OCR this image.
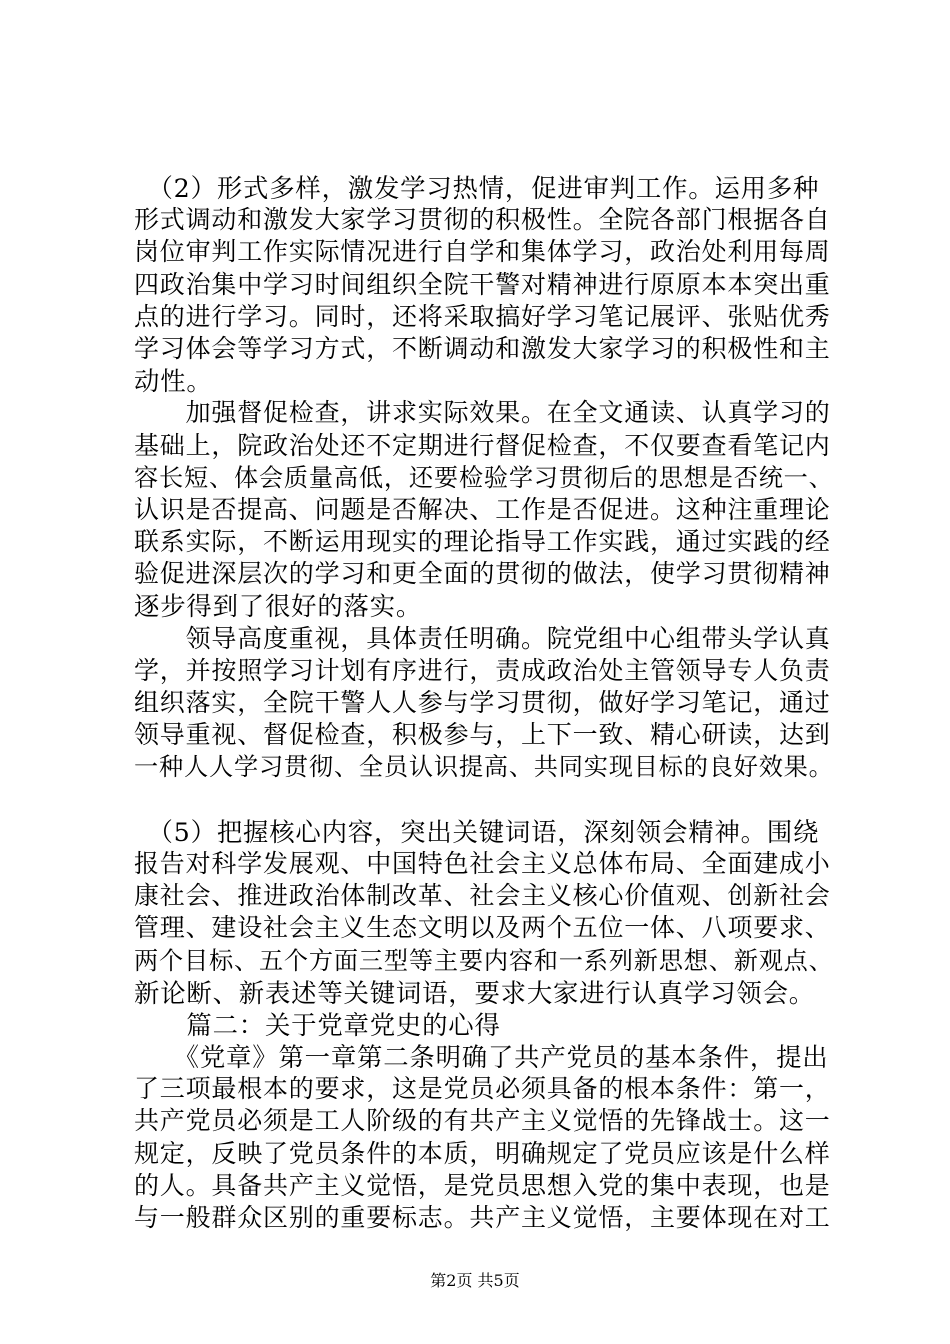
　（2）形式多样，激发学习热情，促进审判工作。运用多种
形式调动和激发大家学习贯彻的积极性。全院各部门根据各自
岗位审判工作实际情况进行自学和集体学习，政治处利用每周
四政治集中学习时间组织全院干警对精神进行原原本本突出重
点的进行学习。同时，还将采取搞好学习笔记展评、张贴优秀
学习体会等学习方式，不断调动和激发大家学习的积极性和主
动性。
　　加强督促检查，讲求实际效果。在全文通读、认真学习的
基础上，院政治处还不定期进行督促检查，不仅要查看笔记内
容长短、体会质量高低，还要检验学习贯彻后的思想是否统一、
认识是否提高、问题是否解决、工作是否促进。这种注重理论
联系实际，不断运用现实的理论指导工作实践，通过实践的经
验促进深层次的学习和更全面的贯彻的做法，使学习贯彻精神
逐步得到了很好的落实。
　　领导高度重视，具体责任明确。院党组中心组带头学认真
学，并按照学习计划有序进行，责成政治处主管领导专人负责
组织落实，全院干警人人参与学习贯彻，做好学习笔记，通过
领导重视、督促检查，积极参与，上下一致、精心研读，达到
一种人人学习贯彻、全员认识提高、共同实现目标的良好效果。
　（5）把握核心内容，突出关键词语，深刻领会精神。围绕
报告对科学发展观、中国特色社会主义总体布局、全面建成小
康社会、推进政治体制改革、社会主义核心价值观、创新社会
管理、建设社会主义生态文明以及两个五位一体、八项要求、
两个目标、五个方面三型等主要内容和一系列新思想、新观点、
新论断、新表述等关键词语，要求大家进行认真学习领会。
　　篇二：关于党章党史的心得
　　《党章》第一章第二条明确了共产党员的基本条件，提出
了三项最根本的要求，这是党员必须具备的根本条件：第一，
共产党员必须是工人阶级的有共产主义觉悟的先锋战士。这一
规定，反映了党员条件的本质，明确规定了党员应该是什么样
的人。具备共产主义觉悟，是党员思想入党的集中表现，也是
与一般群众区别的重要标志。共产主义觉悟，主要体现在对工
第2页 共5页
